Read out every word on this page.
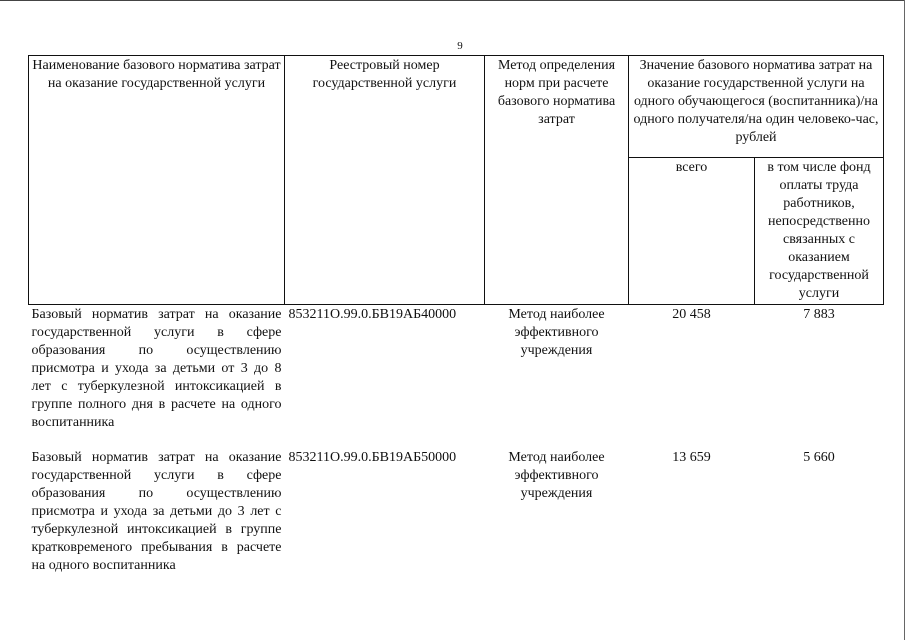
9
Наименование базового норматива затрат на оказание государственной услуги	Реестровый номер государственной услуги	Метод определения норм при расчете базового норматива затрат	Значение базового норматива затрат на оказание государственной услуги на одного обучающегося (воспитанника)/на одного получателя/на один человеко-час, рублей	
			всего	в том числе фонд оплаты труда работников, непосредственно связанных с оказанием государственной услуги
Базовый норматив затрат на оказание государственной услуги в сфере образования по осуществлению присмотра и ухода за детьми от 3 до 8 лет с туберкулезной интоксикацией в группе полного дня в расчете на одного воспитанника	853211О.99.0.БВ19АБ40000	Метод наиболее эффективного учреждения	20 458	7 883
Базовый норматив затрат на оказание государственной услуги в сфере образования по осуществлению присмотра и ухода за детьми до 3 лет с туберкулезной интоксикацией в группе кратковременого пребывания в расчете на одного воспитанника	853211О.99.0.БВ19АБ50000	Метод наиболее эффективного учреждения	13 659	5 660
